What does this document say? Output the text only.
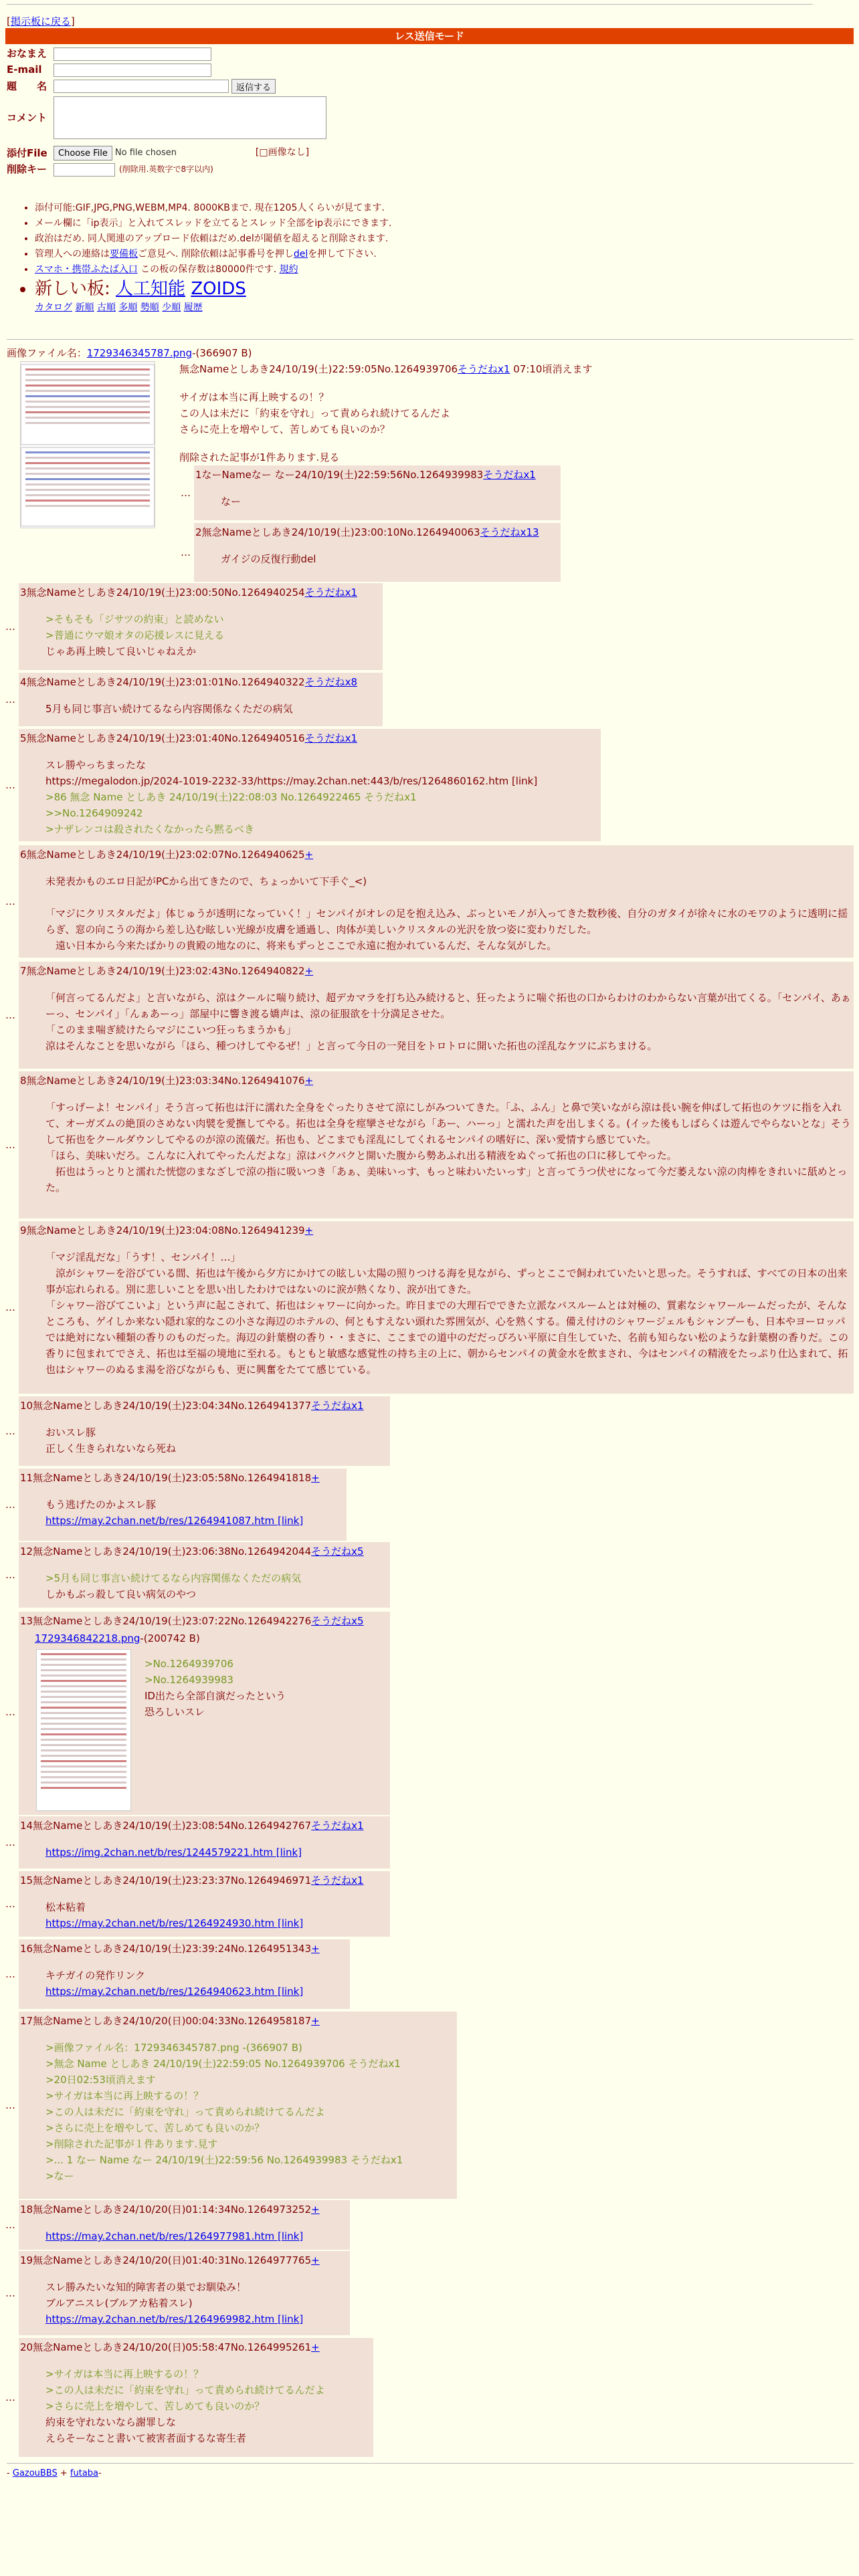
[掲示板に戻る]
レス送信モード
おなまえ
E-mail
題　　名	返信する
コメント
添付File	Choose File No file chosen	[□画像なし]
削除キー	(削除用.英数字で8字以内)
• 添付可能:GIF,JPG,PNG,WEBM,MP4. 8000KBまで. 現在1205人くらいが見てます.
• メール欄に「ip表示」と入れてスレッドを立てるとスレッド全部をip表示にできます.
• 政治はだめ. 同人関連のアップロード依頼はだめ.delが閾値を超えると削除されます.
• 管理人への連絡は要備板ご意見へ. 削除依頼は記事番号を押しdelを押して下さい.
• スマホ・携帯ふたば入口 この板の保存数は80000件です. 規約
• 新しい板: 人工知能 ZOIDS
カタログ 新順 古順 多順 勢順 少順 履歴
画像ファイル名：1729346345787.png-(366907 B)

無念Nameとしあき24/10/19(土)22:59:05No.1264939706そうだねx1 07:10頃消えます

サイガは本当に再上映するの！？

この人は未だに「約束を守れ」って責められ続けてるんだよ

さらに売上を増やして、苦しめても良いのか？

削除された記事が1件あります.見る

…
1なーNameなー なー24/10/19(土)22:59:56No.1264939983そうだねx1

なー

…
2無念Nameとしあき24/10/19(土)23:00:10No.1264940063そうだねx13

ガイジの反復行動del

…
3無念Nameとしあき24/10/19(土)23:00:50No.1264940254そうだねx1

>そもそも「ジサツの約束」と読めない

>普通にウマ娘オタの応援レスに見える

じゃあ再上映して良いじゃねえか

…
4無念Nameとしあき24/10/19(土)23:01:01No.1264940322そうだねx8

5月も同じ事言い続けてるなら内容関係なくただの病気

…
5無念Nameとしあき24/10/19(土)23:01:40No.1264940516そうだねx1

スレ勝やっちまったな

https://megalodon.jp/2024-1019-2232-33/https://may.2chan.net:443/b/res/1264860162.htm [link]

>86 無念 Name としあき 24/10/19(土)22:08:03 No.1264922465 そうだねx1

>>No.1264909242

>ナザレンコは殺されたくなかったら黙るべき

…
6無念Nameとしあき24/10/19(土)23:02:07No.1264940625+

未発表かものエロ日記がPCから出てきたので、ちょっかいて下手ぐ_<)

「マジにクリスタルだよ」体じゅうが透明になっていく！」センパイがオレの足を抱え込み、ぶっといモノが入ってきた数秒後、自分のガタイが徐々に水のモワのように透明に揺らぎ、窓の向こうの海から差し込む眩しい光線が皮膚を通過し、肉体が美しいクリスタルの光沢を放つ姿に変わりだした。

　遠い日本から今来たばかりの貴殿の地なのに、将来もずっとここで永遠に抱かれているんだ、そんな気がした。

…
7無念Nameとしあき24/10/19(土)23:02:43No.1264940822+

「何言ってるんだよ」と言いながら、涼はクールに喘り続け、超デカマラを打ち込み続けると、狂ったように喘ぐ拓也の口からわけのわからない言葉が出てくる。「センパイ、あぁーっ、センパイ」「んぁあーっ」部屋中に響き渡る嬌声は、涼の征服欲を十分満足させた。

「このまま喘ぎ続けたらマジにこいつ狂っちまうかも」

涼はそんなことを思いながら「ほら、種つけしてやるぜ！」と言って今日の一発目をトロトロに開いた拓也の淫乱なケツにぶちまける。

…
8無念Nameとしあき24/10/19(土)23:03:34No.1264941076+

「すっげーよ！センパイ」そう言って拓也は汗に濡れた全身をぐったりさせて涼にしがみついてきた。「ふ、ふん」と鼻で笑いながら涼は長い腕を伸ばして拓也のケツに指を入れて、オーガズムの絶頂のさめない肉襞を愛撫してやる。拓也は全身を痙攣させながら「あー、ハーっ」と濡れた声を出しまくる。(イッた後もしばらくは遊んでやらないとな」そうして拓也をクールダウンしてやるのが涼の流儀だ。拓也も、どこまでも淫乱にしてくれるセンパイの嗜好に、深い愛情すら感じていた。

「ほら、美味いだろ。こんなに入れてやったんだよな」涼はバクバクと開いた腹から勢あふれ出る精液をぬぐって拓也の口に移してやった。

　拓也はうっとりと濡れた恍惚のまなざしで涼の指に吸いつき「あぁ、美味いっす、もっと味わいたいっす」と言ってうつ伏せになって今だ萎えない涼の肉棒をきれいに舐めとった。

…
9無念Nameとしあき24/10/19(土)23:04:08No.1264941239+

「マジ淫乱だな」「うす！、センパイ！…」

　涼がシャワーを浴びている間、拓也は午後から夕方にかけての眩しい太陽の照りつける海を見ながら、ずっとここで飼われていたいと思った。そうすれば、すべての日本の出来事が忘れられる。別に悲しいことを思い出したわけではないのに涙が熱くなり、涙が出てきた。

「シャワー浴びてこいよ」という声に起こされて、拓也はシャワーに向かった。昨日までの大理石でできた立派なバスルームとは対極の、質素なシャワールームだったが、そんなところも、ゲイしか来ない隠れ家的なこの小さな海辺のホテルの、何ともすえない頭れた雰囲気が、心を熟くする。備え付けのシャワージェルもシャンプーも、日本やヨーロッパでは絶対にない種類の香りのものだった。海辺の針葉樹の香り・・まさに、ここまでの道中のだだっぴろい平原に自生していた、名前も知らない松のような針葉樹の香りだ。この香りに包まれてでさえ、拓也は至福の境地に至れる。もともと敏感な感覚性の持ち主の上に、朝からセンパイの黄金水を飲まされ、今はセンパイの精液をたっぷり仕込まれて、拓也はシャワーのぬるま湯を浴びながらも、更に興奮をたてて感じている。

…
10無念Nameとしあき24/10/19(土)23:04:34No.1264941377そうだねx1

おいスレ豚

正しく生きられないなら死ね

…
11無念Nameとしあき24/10/19(土)23:05:58No.1264941818+

もう逃げたのかよスレ豚

https://may.2chan.net/b/res/1264941087.htm [link]
…
12無念Nameとしあき24/10/19(土)23:06:38No.1264942044そうだねx5

>5月も同じ事言い続けてるなら内容関係なくただの病気

しかもぶっ殺して良い病気のやつ

…
13無念Nameとしあき24/10/19(土)23:07:22No.1264942276そうだねx5
1729346842218.png-(200742 B)

>No.1264939706

>No.1264939983

ID出たら全部自演だったという

恐ろしいスレ

…
14無念Nameとしあき24/10/19(土)23:08:54No.1264942767そうだねx1
https://img.2chan.net/b/res/1244579221.htm [link]
…
15無念Nameとしあき24/10/19(土)23:23:37No.1264946971そうだねx1

松本粘着

https://may.2chan.net/b/res/1264924930.htm [link]
…
16無念Nameとしあき24/10/19(土)23:39:24No.1264951343+

キチガイの発作リンク

https://may.2chan.net/b/res/1264940623.htm [link]
…
17無念Nameとしあき24/10/20(日)00:04:33No.1264958187+

>画像ファイル名：1729346345787.png -(366907 B)

>無念 Name としあき 24/10/19(土)22:59:05 No.1264939706 そうだねx1

>20日02:53頃消えます

>サイガは本当に再上映するの！？

>この人は未だに「約束を守れ」って責められ続けてるんだよ

>さらに売上を増やして、苦しめても良いのか？

>削除された記事が１件あります.見す

>... 1 なー Name なー 24/10/19(土)22:59:56 No.1264939983 そうだねx1

>なー

…
18無念Nameとしあき24/10/20(日)01:14:34No.1264973252+
https://may.2chan.net/b/res/1264977981.htm [link]
…
19無念Nameとしあき24/10/20(日)01:40:31No.1264977765+

スレ勝みたいな知的障害者の巣でお馴染み！

ブルアニスレ(ブルアカ粘着スレ)

https://may.2chan.net/b/res/1264969982.htm [link]
…
20無念Nameとしあき24/10/20(日)05:58:47No.1264995261+

>サイガは本当に再上映するの！？

>この人は未だに「約束を守れ」って責められ続けてるんだよ

>さらに売上を増やして、苦しめても良いのか？

約束を守れないなら謝罪しな

えらそーなこと書いて被害者面するな寄生者

- GazouBBS + futaba-
